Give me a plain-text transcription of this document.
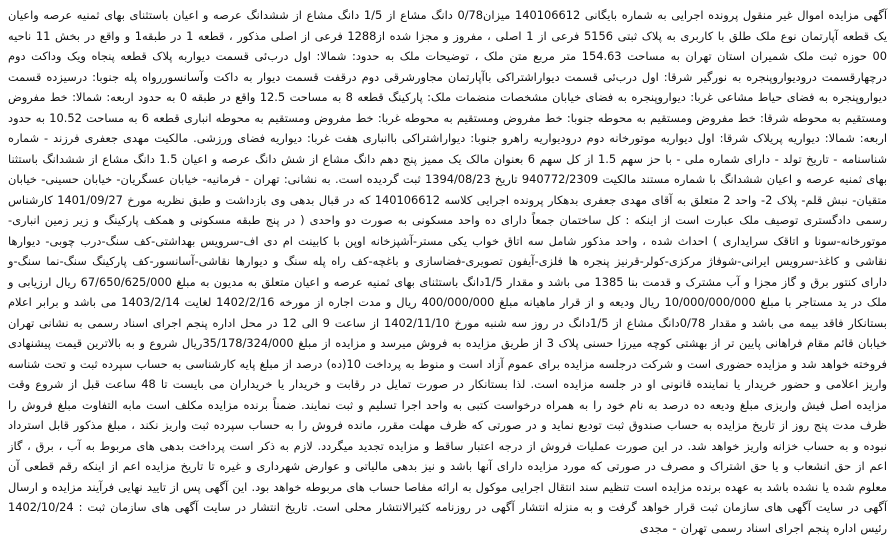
آگهی مزایده اموال غیر منقول پرونده اجرایی به شماره بایگانی 140106612 میزان0/78 دانگ مشاع از 1/5 دانگ مشاع از ششدانگ عرصه و اعیان باستثنای بهای ثمنیه عرصه واعیان یک قطعه آپارتمان نوع ملک طلق با کاربری به پلاک ثبتی 5156 فرعی از 1 اصلی ، مفروز و مجزا شده از1288 فرعی از اصلی مذکور ، قطعه 1 در طبقه1 و واقع در بخش 11 ناحیه 00 حوزه ثبت ملک شمیران استان تهران به مساحت 154.63 متر مربع متن ملک ، توضیحات ملک به حدود: شمالا: اول درب‌ئی قسمت دیوار‌به پلاک قطعه پنجاه ویک وداکت دوم درچهارقسمت درودیوارو‌پنجره به نورگیر شرقا: اول درب‌ئی قسمت دیوار‌اشتراکی باآپارتمان مجاورشرقی دوم درقفت قسمت دیوار به داکت وآسانسوررواه پله جنوبا: درسیزده قسمت دیوارو‌پنجره به فضای حیاط مشاعی غربا: دیوارو‌پنجره به فضای خیابان مشخصات منضمات ملک: پارکینگ قطعه 8 به مساحت 12.5 واقع در طبقه 0 به حدود اربعه: شمالا: خط مفروض ومستقیم به محوطه شرقا: خط مفروض ومستقیم به محوطه جنوبا: خط مفروض ومستقیم به محوطه غربا: خط مفروض ومستقیم به محوطه انباری قطعه 6 به مساحت 10.52 به حدود اربعه: شمالا: دیواریه پریلاک شرقا: اول دیوار‌یه موتورخانه دوم درودیوار‌یه راهرو جنوبا: دیواراشتراکی باانباری هفت غربا: دیواریه فضای ورزشی. مالکیت مهدی جعفری فرزند - شماره شناسنامه - تاریخ تولد - دارای شماره ملی - با حز سهم 1.5 از کل سهم 6 بعنوان مالک یک ممیز پنج دهم دانگ مشاع از شش دانگ عرصه و اعیان 1.5 دانگ مشاع از ششدانگ باستثنا بهای ثمنیه عرصه و اعیان ششدانگ با شماره مستند مالکیت 940772/2309 تاریخ 1394/08/23 ثبت گردیده است. به نشانی: تهران - فرمانیه- خیابان عسگریان- خیابان حسینی- خیابان متقیان- نبش قلم- پلاک 2- واحد 2 متعلق به آقای مهدی جعفری بدهکار پرونده اجرایی کلاسه 140106612 که در قبال بدهی وی بازداشت و طبق نظریه مورخ 1401/09/27 کارشناس رسمی دادگستری توصیف ملک عبارت است از اینکه : کل ساختمان جمعاً دارای ده واحد مسکونی به صورت دو واحدی ( در پنج طبقه مسکونی و همکف پارکینگ و زیر زمین انباری- موتورخانه-سونا و اتاقک سرایداری ) احداث شده ، واحد مذکور شامل سه اتاق خواب یکی مستر-آشپزخانه اوپن با کابینت ام دی اف-سرویس بهداشتی-کف سنگ-درب چوبی- دیوارها نقاشی و کاغذ-سرویس ایرانی-شوفاژ مرکزی-کولر-قرنیز پنجره ها فلزی-آیفون تصویری-فضاسازی و باغچه-کف راه پله سنگ و دیوارها نقاشی-آسانسور-کف پارکینگ سنگ-نما سنگ-و دارای کنتور برق و گاز مجزا و آب مشترک و قدمت بنا 1385 می باشد و مقدار 1/5دانگ باستثنای بهای ثمنیه عرصه و اعیان متعلق به مدیون به مبلغ 67/650/625/000 ریال ارزیابی و ملک در ید مستاجر با مبلغ 10/000/000/000 ریال ودیعه و از قرار ماهیانه مبلغ 400/000/000 ریال و مدت اجاره از مورخه 1402/2/16 لغایت 1403/2/14 می باشد و برابر اعلام بستانکار فاقد بیمه می باشد و مقدار 0/78دانگ مشاع از 1/5دانگ در روز سه شنبه مورخ 1402/11/10 از ساعت 9 الی 12 در محل اداره پنجم اجرای اسناد رسمی به نشانی تهران خیابان قائم مقام فراهانی پایین تر از بهشتی کوچه میرزا حسنی پلاک 3 از طریق مزایده به فروش میرسد و مزایده از مبلغ 35/178/324/000ریال شروع و به بالاترین قیمت پیشنهادی فروخته خواهد شد و مزایده حضوری است و شرکت درجلسه مزایده برای عموم آزاد است و منوط به پرداخت 10(ده) درصد از مبلغ پایه کارشناسی به حساب سپرده ثبت و تحت شناسه واریز اعلامی و حضور خریدار یا نماینده قانونی او در جلسه مزایده است. لذا بستانکار در صورت تمایل در رقابت و خریدار یا خریداران می بایست تا 48 ساعت قبل از شروع وقت مزایده اصل فیش واریزی مبلغ ودیعه ده درصد به نام خود را به همراه درخواست کتبی به واحد اجرا تسلیم و ثبت نمایند. ضمناً برنده مزایده مکلف است مابه التفاوت مبلغ فروش را ظرف مدت پنج روز از تاریخ مزایده به حساب صندوق ثبت تودیع نماید و در صورتی که ظرف مهلت مقرر، مانده فروش را به حساب سپرده ثبت واریز نکند ، مبلغ مذکور قابل استرداد نبوده و به حساب خزانه واریز خواهد شد. در این صورت عملیات فروش از درجه اعتبار ساقط و مزایده تجدید میگردد. لازم به ذکر است پرداخت بدهی های مربوط به آب ، برق ، گاز اعم از حق انشعاب و یا حق اشتراک و مصرف در صورتی که مورد مزایده دارای آنها باشد و نیز بدهی مالیاتی و عوارض شهرداری و غیره تا تاریخ مزایده اعم از اینکه رقم قطعی آن معلوم شده یا نشده باشد به عهده برنده مزایده است تنظیم سند انتقال اجرایی موکول به ارائه مفاصا حساب های مربوطه خواهد بود. این آگهی پس از تایید نهایی فرآیند مزایده و ارسال آگهی در سایت آگهی های سازمان ثبت قرار خواهد گرفت و به منزله انتشار آگهی در روزنامه کثیرالانتشار محلی است. تاریخ انتشار در سایت آگهی های سازمان ثبت : 1402/10/24 رئیس اداره پنجم اجرای اسناد رسمی تهران - مجدی
